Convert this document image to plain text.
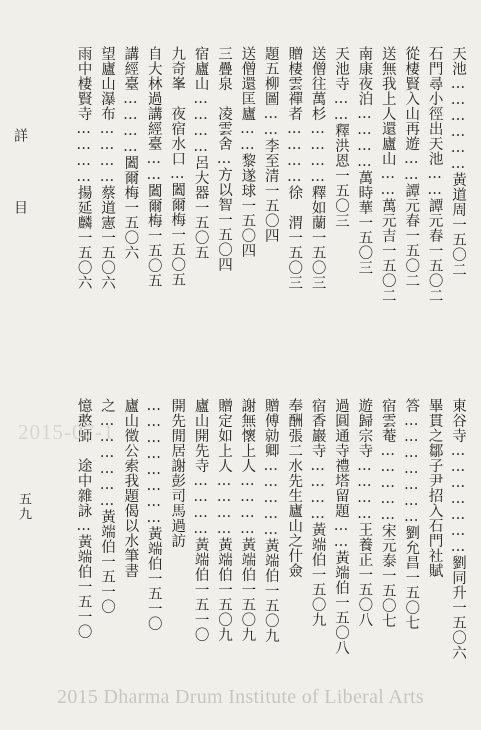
詳　目
五九
天池………………黃道周一五〇二
石門尋小徑出天池……譚元春一五〇二
從棲賢入山再遊……譚元春一五〇二
送無我上人還廬山……萬元吉一五〇二
南康夜泊…………萬時華一五〇三
天池寺……釋洪恩一五〇三
送僧往萬杉…………釋如蘭一五〇三
贈棲雲禪者…………徐　渭一五〇三
題五柳圖……李至清一五〇四
送僧還匡廬……黎遂球一五〇四
三疊泉　凌雲舍…方以智一五〇四
宿廬山…………呂大器一五〇五
九奇峯　夜宿水口…闔爾梅一五〇五
自大林過講經臺……闔爾梅一五〇五
講經臺…………闔爾梅一五〇六
望廬山瀑布…………蔡道憲一五〇六
雨中棲賢寺…………揚延麟一五〇六
東谷寺…………………劉同升一五〇六
畢貫之鄒子尹招入石門社賦
答…………………劉允昌一五〇七
宿雲菴……………宋元泰一五〇七
遊歸宗寺…………王養正一五〇八
過圓通寺禮塔留題……黃端伯一五〇八
宿香巖寺…………黃端伯一五〇九
奉酬張二水先生廬山之什僉
贈傅勍卿……………黃端伯一五〇九
謝無懷上人…………黃端伯一五〇九
贈定如上人…………黃端伯一五〇九
廬山開先寺…………黃端伯一五一〇
開先閒居謝彭司馬過訪
……………………黃端伯一五一〇
廬山徵公索我題偈以水筆書
之………………黃端伯一五一〇
憶憨師　途中雜詠…黃端伯一五一〇
2015-07-1
2015 Dharma Drum Institute of Liberal Arts
